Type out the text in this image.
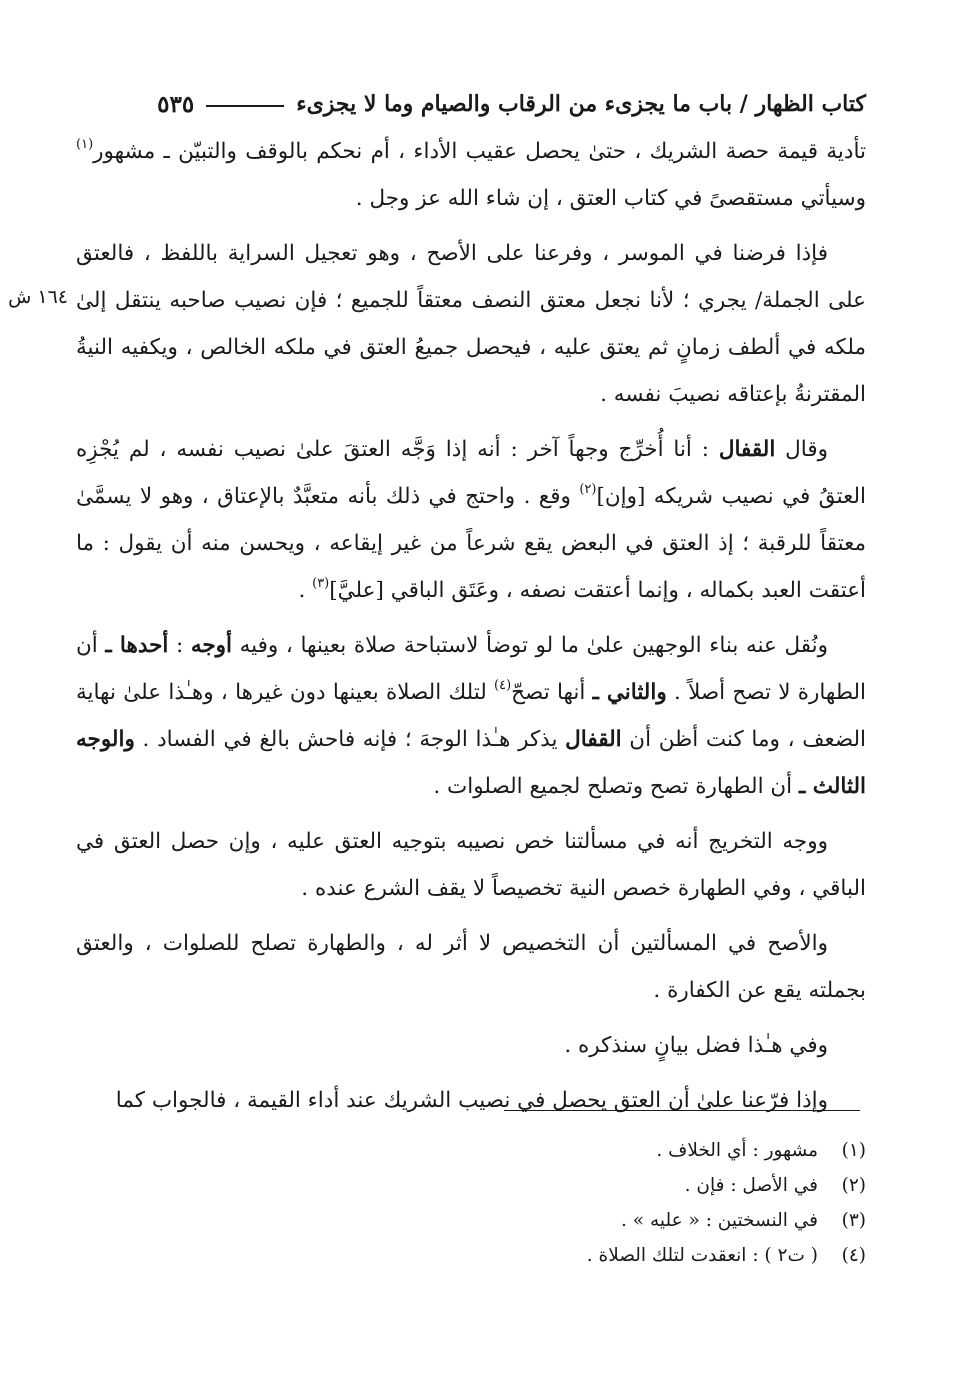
كتاب الظهار / باب ما يجزىء من الرقاب والصيام وما لا يجزىء
٥٣٥
١٦٤ ش

تأدية قيمة حصة الشريك ، حتىٰ يحصل عقيب الأداء ، أم نحكم بالوقف والتبيّن ـ مشهور$^{(١)}$ وسيأتي مستقصىً في كتاب العتق ، إن شاء الله عز وجل .

فإذا فرضنا في الموسر ، وفرعنا على الأصح ، وهو تعجيل السراية باللفظ ، فالعتق على الجملة/ يجري ؛ لأنا نجعل معتق النصف معتقاً للجميع ؛ فإن نصيب صاحبه ينتقل إلىٰ ملكه في ألطف زمانٍ ثم يعتق عليه ، فيحصل جميعُ العتق في ملكه الخالص ، ويكفيه النيةُ المقترنةُ بإعتاقه نصيبَ نفسه .

وقال القفال : أنا أُخرِّج وجهاً آخر : أنه إذا وَجَّه العتقَ علىٰ نصيب نفسه ، لم يُجْزِه العتقُ في نصيب شريكه [وإن]$^{(٢)}$ وقع . واحتج في ذلك بأنه متعبَّدٌ بالإعتاق ، وهو لا يسمَّىٰ معتقاً للرقبة ؛ إذ العتق في البعض يقع شرعاً من غير إيقاعه ، ويحسن منه أن يقول : ما أعتقت العبد بكماله ، وإنما أعتقت نصفه ، وعَتَق الباقي [عليَّ]$^{(٣)}$ .

ونُقل عنه بناء الوجهين علىٰ ما لو توضأ لاستباحة صلاة بعينها ، وفيه أوجه : أحدها ـ أن الطهارة لا تصح أصلاً . والثاني ـ أنها تصحّ$^{(٤)}$ لتلك الصلاة بعينها دون غيرها ، وهـٰذا علىٰ نهاية الضعف ، وما كنت أظن أن القفال يذكر هـٰذا الوجهَ ؛ فإنه فاحش بالغ في الفساد . والوجه الثالث ـ أن الطهارة تصح وتصلح لجميع الصلوات .

ووجه التخريج أنه في مسألتنا خص نصيبه بتوجيه العتق عليه ، وإن حصل العتق في الباقي ، وفي الطهارة خصص النية تخصيصاً لا يقف الشرع عنده .

والأصح في المسألتين أن التخصيص لا أثر له ، والطهارة تصلح للصلوات ، والعتق بجملته يقع عن الكفارة .

وفي هـٰذا فضل بيانٍ سنذكره .

وإذا فرّعنا علىٰ أن العتق يحصل في نصيب الشريك عند أداء القيمة ، فالجواب كما

(١)
مشهور : أي الخلاف .
(٢)
في الأصل : فإن .
(٣)
في النسختين : « عليه » .
(٤)
( ت٢ ) : انعقدت لتلك الصلاة .
